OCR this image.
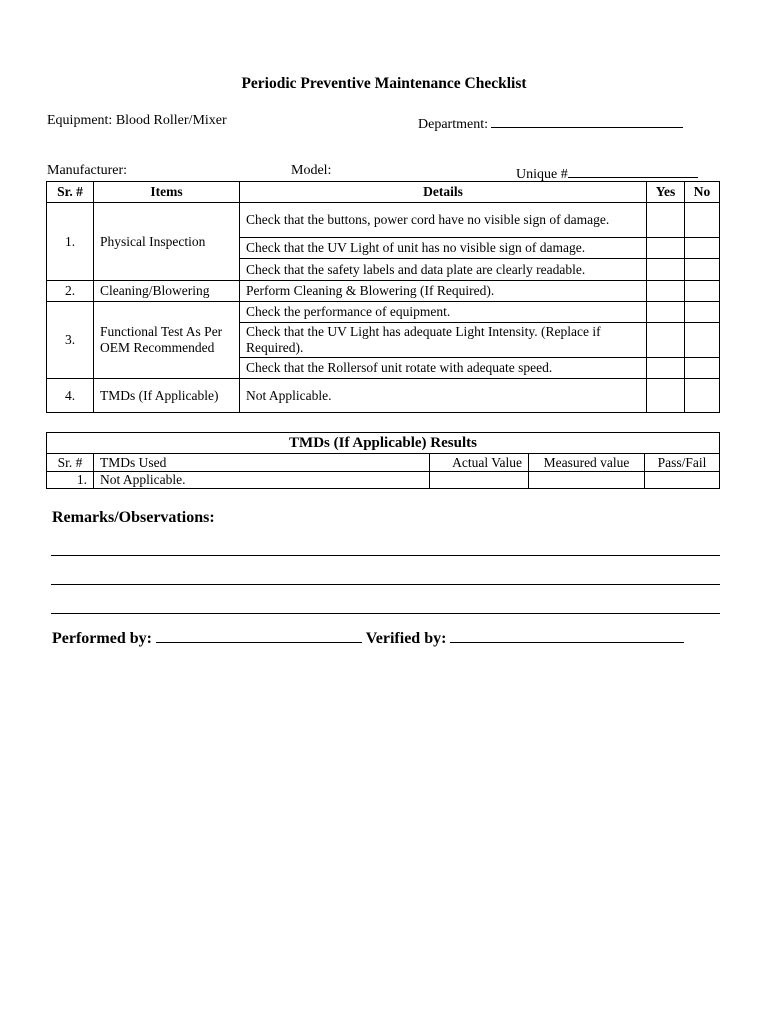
Periodic Preventive Maintenance Checklist
Equipment: Blood Roller/Mixer	Department:
Manufacturer:	Model:	Unique #
Sr. #	Items	Details	Yes	No
1.	Physical Inspection	Check that the buttons, power cord have no visible sign of damage.		
		Check that the UV Light of unit has no visible sign of damage.		
		Check that the safety labels and data plate are clearly readable.		
2.	Cleaning/Blowering	Perform Cleaning & Blowering (If Required).		
3.	Functional Test As Per OEM Recommended	Check the performance of equipment.		
		Check that the UV Light has adequate Light Intensity. (Replace if Required).		
		Check that the Rollersof unit rotate with adequate speed.		
4.	TMDs (If Applicable)	Not Applicable.		
TMDs (If Applicable) Results				
Sr. #	TMDs Used	Actual Value	Measured value	Pass/Fail
1.	Not Applicable.			
Remarks/Observations:
Performed by:	Verified by:
